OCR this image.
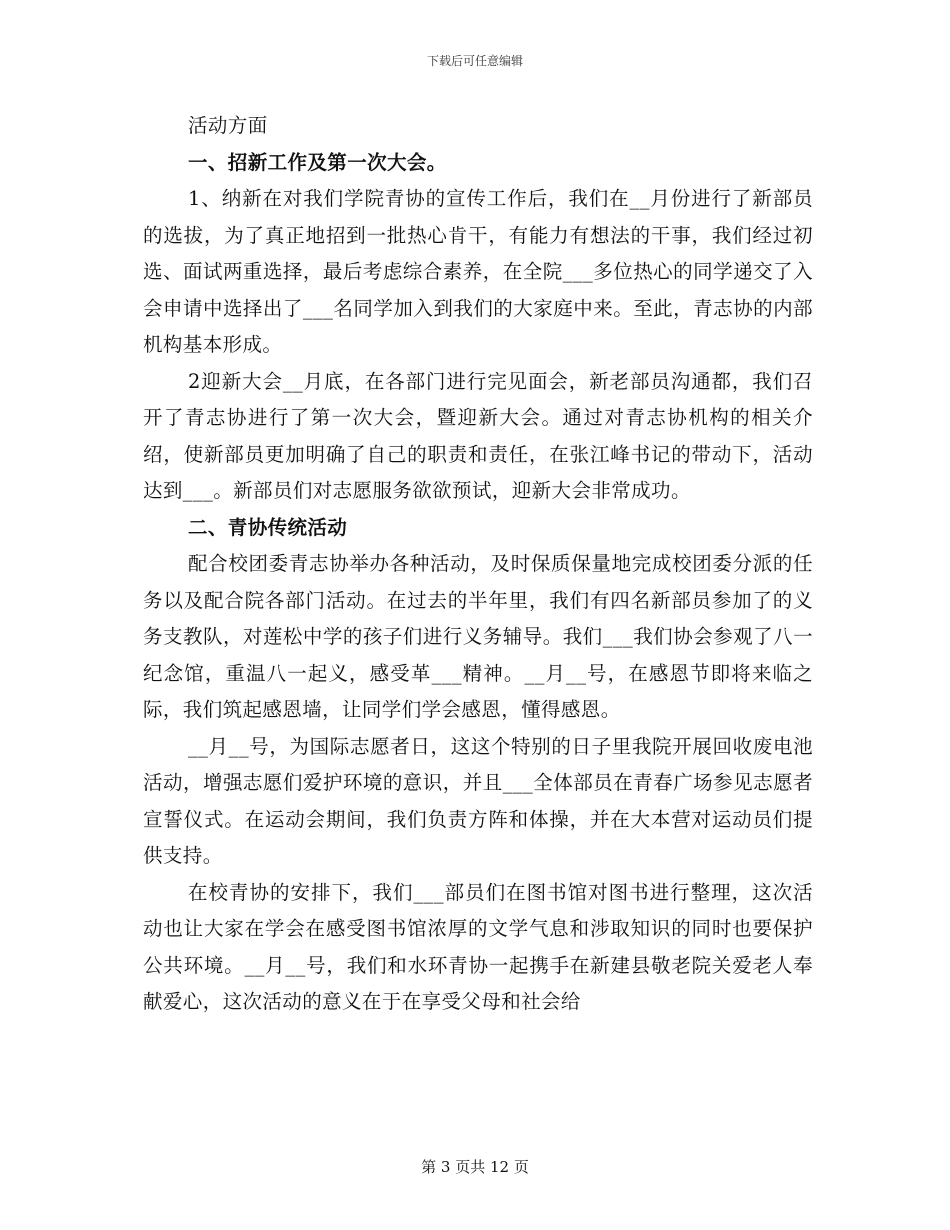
下载后可任意编辑

活动方面

一、招新工作及第一次大会。

1、纳新在对我们学院青协的宣传工作后，我们在__月份进行了新部员的选拔，为了真正地招到一批热心肯干，有能力有想法的干事，我们经过初选、面试两重选择，最后考虑综合素养，在全院___多位热心的同学递交了入会申请中选择出了___名同学加入到我们的大家庭中来。至此，青志协的内部机构基本形成。

2迎新大会__月底，在各部门进行完见面会，新老部员沟通都，我们召开了青志协进行了第一次大会，暨迎新大会。通过对青志协机构的相关介绍，使新部员更加明确了自己的职责和责任，在张江峰书记的带动下，活动达到___。新部员们对志愿服务欲欲预试，迎新大会非常成功。

二、青协传统活动

配合校团委青志协举办各种活动，及时保质保量地完成校团委分派的任务以及配合院各部门活动。在过去的半年里，我们有四名新部员参加了的义务支教队，对莲松中学的孩子们进行义务辅导。我们___我们协会参观了八一纪念馆，重温八一起义，感受革___精神。__月__号，在感恩节即将来临之际，我们筑起感恩墙，让同学们学会感恩，懂得感恩。

__月__号，为国际志愿者日，这这个特别的日子里我院开展回收废电池活动，增强志愿们爱护环境的意识，并且___全体部员在青春广场参见志愿者宣誓仪式。在运动会期间，我们负责方阵和体操，并在大本营对运动员们提供支持。

在校青协的安排下，我们___部员们在图书馆对图书进行整理，这次活动也让大家在学会在感受图书馆浓厚的文学气息和涉取知识的同时也要保护公共环境。__月__号，我们和水环青协一起携手在新建县敬老院关爱老人奉献爱心，这次活动的意义在于在享受父母和社会给

第 3 页共 12 页
